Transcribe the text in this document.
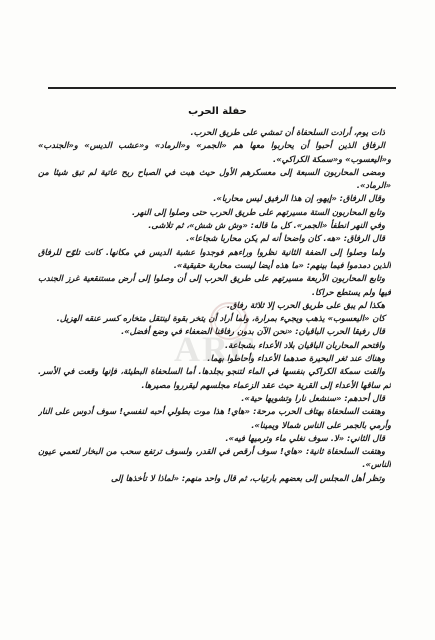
حفلة الحرب

ذات يوم، أرادت السلحفاة أن تمشي على طريق الحرب.

الرفاق الذين أحبوا أن يحاربوا معها هم «الجمر» و«الرماد» و«عشب الديس» و«الجندب» و«اليعسوب» و«سمكة الكراكي».

ومضى المحاربون السبعة إلى معسكرهم الأول حيث هبت في الصباح ريح عاتية لم تبق شيئا من «الرماد».

وقال الرفاق: «إيهو، إن هذا الرفيق ليس محاربا».

وتابع المحاربون الستة مسيرتهم على طريق الحرب حتى وصلوا إلى النهر.

وفي النهر انطفأ «الجمر». كل ما قاله: «وش ش شش»، ثم تلاشى.

قال الرفاق: «هه. كان واضحا أنه لم يكن محاربا شجاعا».

ولما وصلوا إلى الضفة الثانية نظروا وراءهم فوجدوا عشبة الديس في مكانها. كانت تلوّح للرفاق الذين دمدموا فيما بينهم: «ما هذه أيضا ليست محاربة حقيقية».

وتابع المحاربون الأربعة مسيرتهم على طريق الحرب إلى أن وصلوا إلى أرض مستنقعية غرز الجندب فيها ولم يستطع حراكا.

هكذا لم يبق على طريق الحرب إلا ثلاثة رفاق.

كان «اليعسوب» يذهب ويجيء بمرارة، ولما أراد أن يتخر بقوة لينتقل متخاره كسر عنقه الهزيل.

قال رفيقا الحرب الباقيان: «نحن الآن بدون رفاقنا الضعفاء في وضع أفضل».

واقتحم المحاربان الباقيان بلاد الأعداء بشجاعة.

وهناك عند ثغر البحيرة صدهما الأعداء وأحاطوا بهما.

والقت سمكة الكراكي بنفسها في الماء لتنجو بجلدها. أما السلحفاة البطيئة، فإنها وقعت في الأسر. ثم ساقها الأعداء إلى القرية حيث عقد الزعماء مجلسهم ليقرروا مصيرها.

قال أحدهم: «سنشعل نارا وتشويها حية».

وهتفت السلحفاة بهتاف الحرب مرحة: «هاي! هذا موت بطولي أحبه لنفسي! سوف أدوس على النار وأرمي بالجمر على الناس شمالا ويمينا».

قال الثاني: «لا. سوف نغلي ماء وترميها فيه».

وهتفت السلحفاة ثانية: «هاي! سوف أرقص في القدر، ولسوف ترتفع سحب من البخار لتعمي عيون الناس».

وتظر أهل المجلس إلى بعضهم بارتياب، ثم قال واحد منهم: «لماذا لا تأخذها إلى

ARC
